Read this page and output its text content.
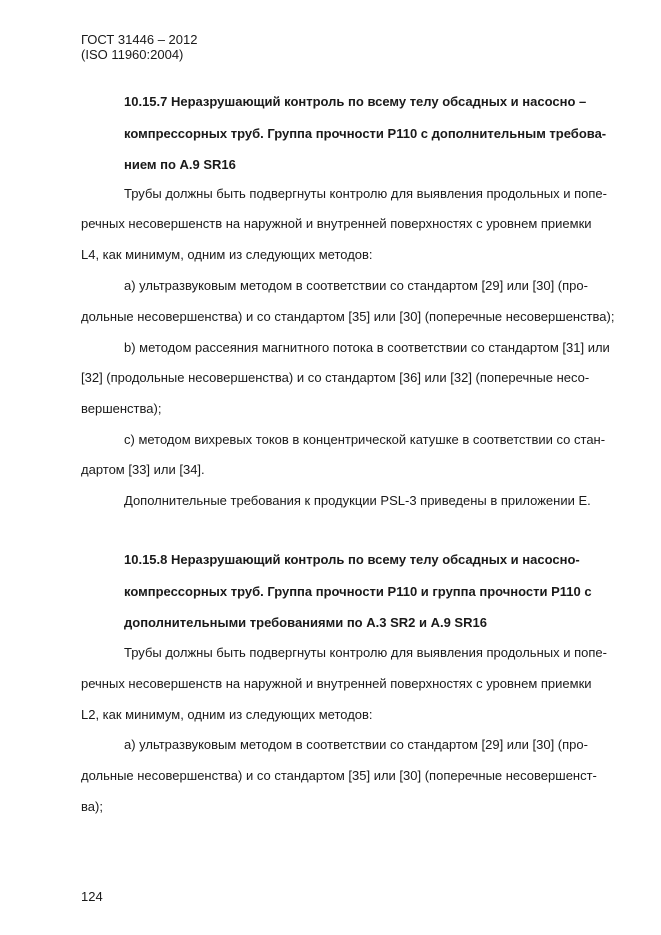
ГОСТ 31446 – 2012
(ISO 11960:2004)
10.15.7 Неразрушающий контроль по всему телу обсадных и насосно –
компрессорных труб. Группа прочности Р110 с дополнительным требова-
нием по А.9 SR16
Трубы должны быть подвергнуты контролю для выявления продольных и попе-
речных несовершенств на наружной и внутренней поверхностях с уровнем приемки
L4, как минимум, одним из следующих методов:
а) ультразвуковым методом в соответствии со стандартом [29] или [30] (про-
дольные несовершенства) и со стандартом [35] или [30] (поперечные несовершенства);
b) методом рассеяния магнитного потока в соответствии со стандартом [31] или
[32] (продольные несовершенства) и со стандартом [36] или [32] (поперечные несо-
вершенства);
с) методом вихревых токов в концентрической катушке в соответствии со стан-
дартом [33] или [34].
Дополнительные требования к продукции PSL-3 приведены в приложении Е.
10.15.8 Неразрушающий контроль по всему телу обсадных и насосно-
компрессорных труб. Группа прочности Р110 и группа прочности Р110 с
дополнительными требованиями по А.3 SR2 и А.9 SR16
Трубы должны быть подвергнуты контролю для выявления продольных и попе-
речных несовершенств на наружной и внутренней поверхностях с уровнем приемки
L2, как минимум, одним из следующих методов:
а) ультразвуковым методом в соответствии со стандартом [29] или [30] (про-
дольные несовершенства) и со стандартом [35] или [30] (поперечные несовершенст-
ва);
124
